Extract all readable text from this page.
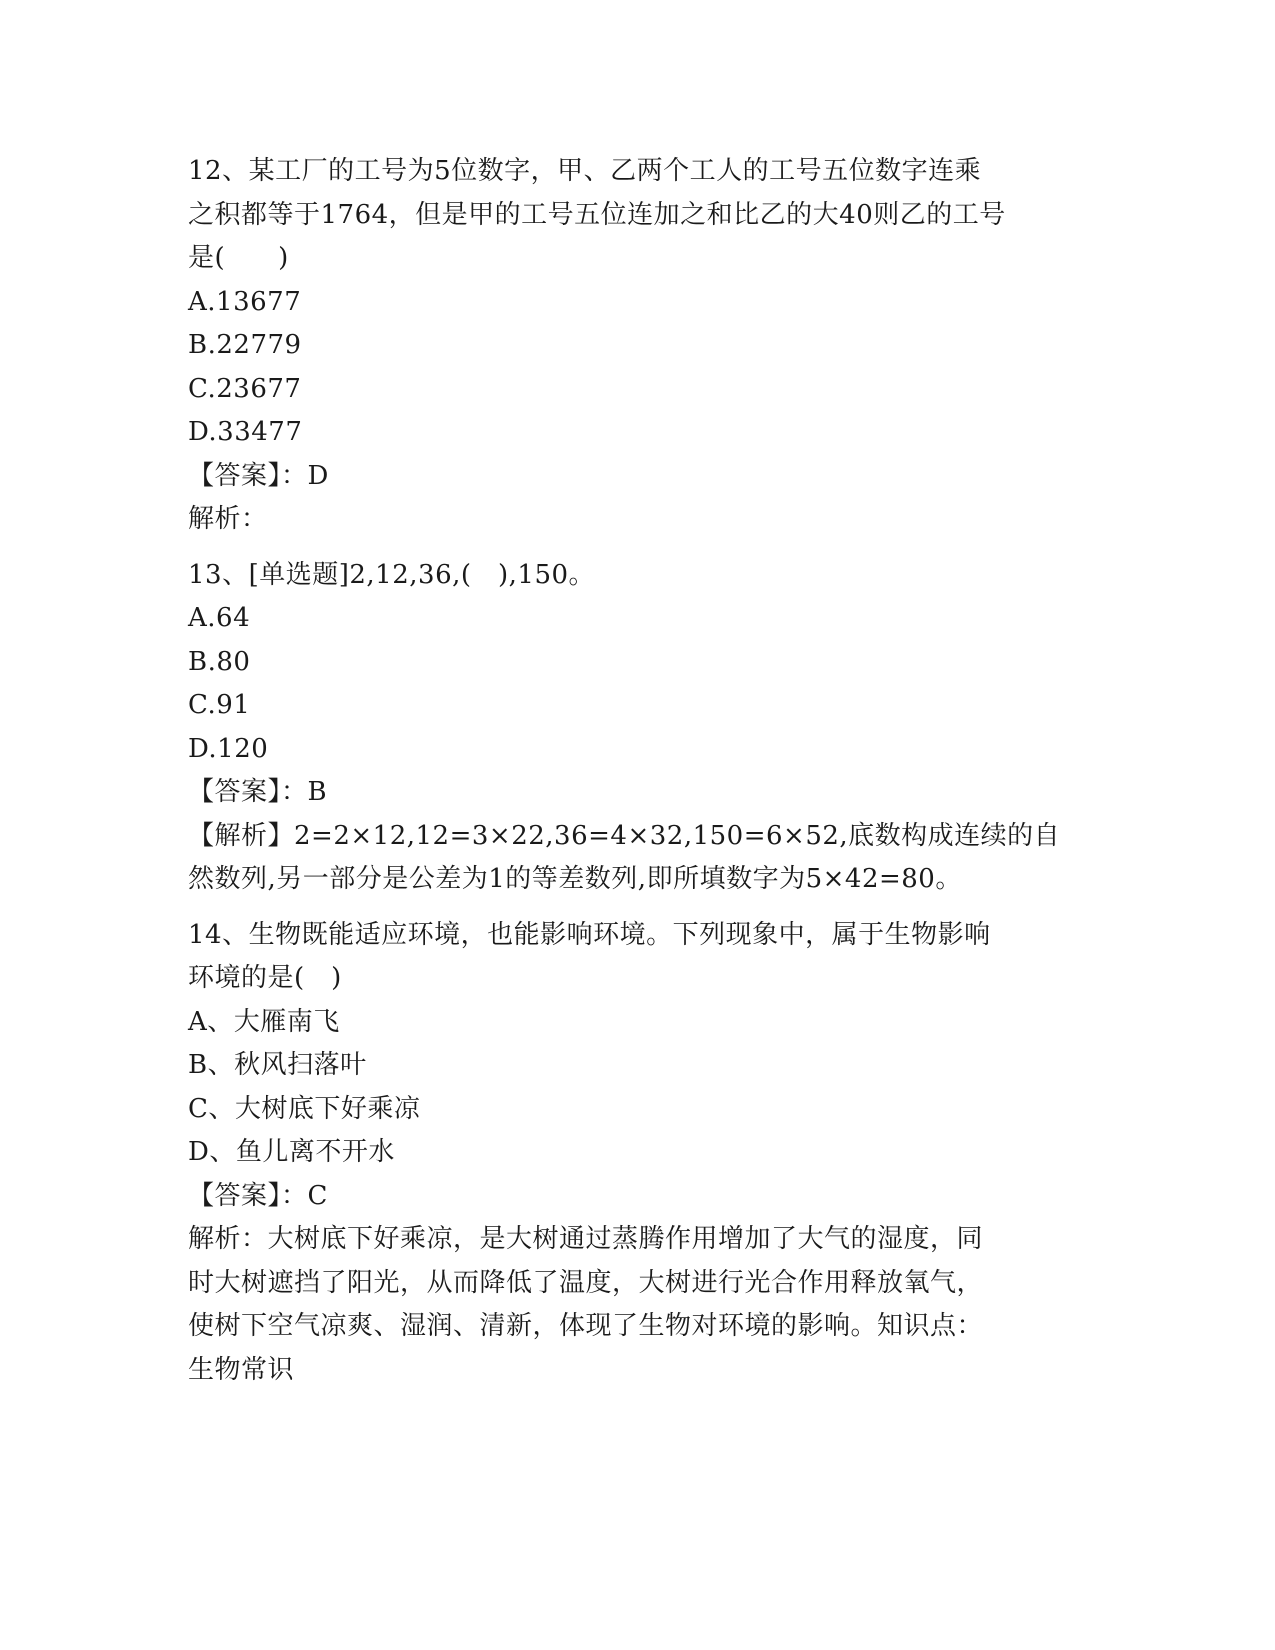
12、某工厂的工号为5位数字，甲、乙两个工人的工号五位数字连乘
之积都等于1764，但是甲的工号五位连加之和比乙的大40则乙的工号
是(　　)
A.13677
B.22779
C.23677
D.33477
【答案】：D
解析：
13、[单选题]2,12,36,(　),150。
A.64
B.80
C.91
D.120
【答案】：B
【解析】2=2×12,12=3×22,36=4×32,150=6×52,底数构成连续的自
然数列,另一部分是公差为1的等差数列,即所填数字为5×42=80。
14、生物既能适应环境，也能影响环境。下列现象中，属于生物影响
环境的是(　)
A、大雁南飞
B、秋风扫落叶
C、大树底下好乘凉
D、鱼儿离不开水
【答案】：C
解析：大树底下好乘凉，是大树通过蒸腾作用增加了大气的湿度，同
时大树遮挡了阳光，从而降低了温度，大树进行光合作用释放氧气，
使树下空气凉爽、湿润、清新，体现了生物对环境的影响。知识点：
生物常识
